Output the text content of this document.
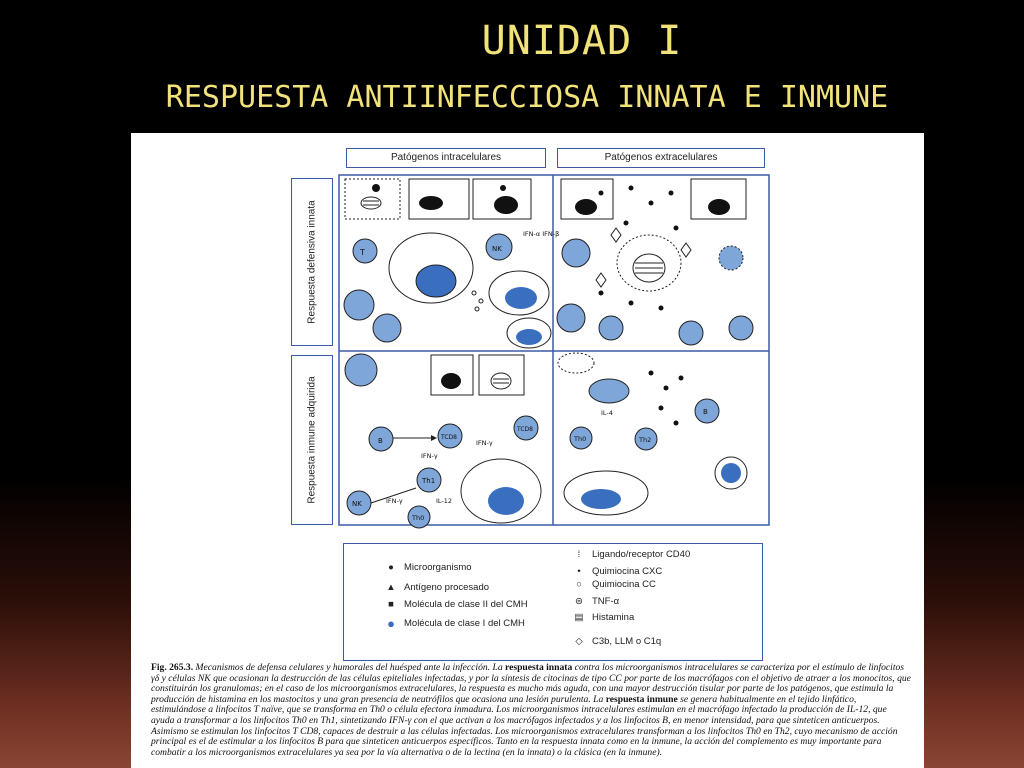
UNIDAD I
RESPUESTA ANTIINFECCIOSA INNATA E INMUNE
Patógenos intracelulares	Patógenos extracelulares
Respuesta defensiva innata
Respuesta inmune adquirida
T	NK
IFN-α IFN-β
B	TCD8
TCD8
IFN-γ
IFN-γ
Th1
NK	IFN-γ	IL-12
Th0
IL-4	B
Th0	Th2
●	Microorganismo
▲ Antígeno procesado
■	Molécula de clase II del CMH
● Molécula de clase I del CMH
⁞	Ligando/receptor CD40
•	Quimiocina CXC
○	Quimiocina CC
⊜ TNF-α
▤ Histamina
◇ C3b, LLM o C1q
Fig. 265.3. Mecanismos de defensa celulares y humorales del huésped ante la infección. La respuesta innata contra los microorganismos intracelulares se caracteriza por el estímulo de linfocitos γδ y células NK que ocasionan la destrucción de las células epiteliales infectadas, y por la síntesis de citocinas de tipo CC por parte de los macrófagos con el objetivo de atraer a los monocitos, que constituirán los granulomas; en el caso de los microorganismos extracelulares, la respuesta es mucho más aguda, con una mayor destrucción tisular por parte de los patógenos, que estimula la producción de histamina en los mastocitos y una gran presencia de neutrófilos que ocasiona una lesión purulenta. La respuesta inmune se genera habitualmente en el tejido linfático, estimulándose a linfocitos T naïve, que se transforma en Th0 o célula efectora inmadura. Los microorganismos intracelulares estimulan en el macrófago infectado la producción de IL-12, que ayuda a transformar a los linfocitos Th0 en Th1, sintetizando IFN-γ con el que activan a los macrófagos infectados y a los linfocitos B, en menor intensidad, para que sinteticen anticuerpos. Asimismo se estimulan los linfocitos T CD8, capaces de destruir a las células infectadas. Los microorganismos extracelulares transforman a los linfocitos Th0 en Th2, cuyo mecanismo de acción principal es el de estimular a los linfocitos B para que sinteticen anticuerpos específicos. Tanto en la respuesta innata como en la inmune, la acción del complemento es muy importante para combatir a los microorganismos extracelulares ya sea por la vía alternativa o de la lectina (en la innata) o la clásica (en la inmune).
